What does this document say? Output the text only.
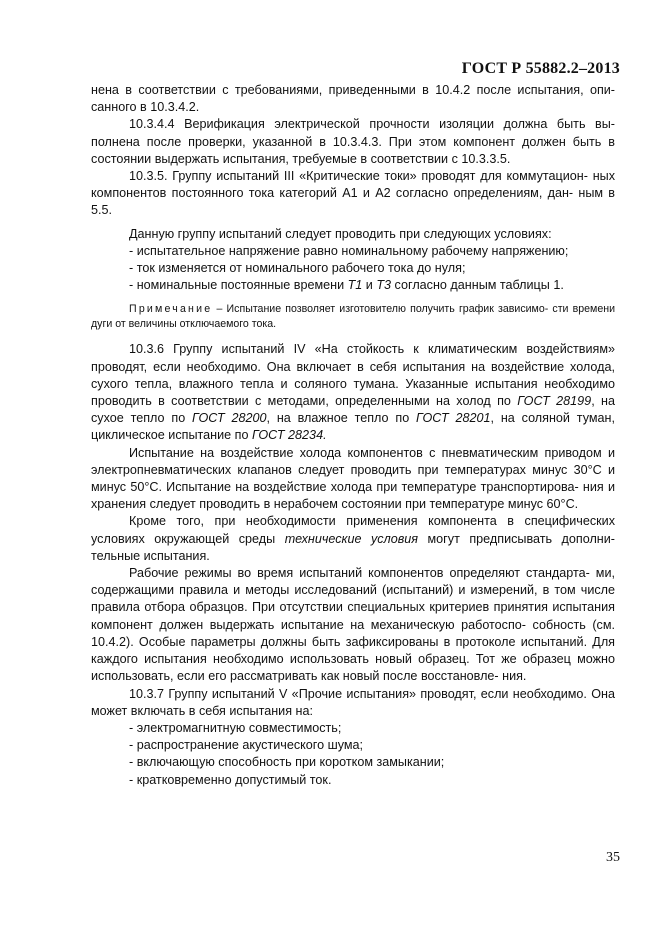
ГОСТ Р 55882.2–2013

нена в соответствии с требованиями, приведенными в 10.4.2 после испытания, опи- санного в 10.3.4.2.

10.3.4.4 Верификация электрической прочности изоляции должна быть вы- полнена после проверки, указанной в 10.3.4.3. При этом компонент должен быть в состоянии выдержать испытания, требуемые в соответствии с 10.3.3.5.

10.3.5. Группу испытаний III «Критические токи» проводят для коммутацион- ных компонентов постоянного тока категорий А1 и А2 согласно определениям, дан- ным в 5.5.

Данную группу испытаний следует проводить при следующих условиях:

- испытательное напряжение равно номинальному рабочему напряжению;

- ток изменяется от номинального рабочего тока до нуля;

- номинальные постоянные времени T1 и T3 согласно данным таблицы 1.

Примечание – Испытание позволяет изготовителю получить график зависимо- сти времени дуги от величины отключаемого тока.

10.3.6 Группу испытаний IV «На стойкость к климатическим воздействиям» проводят, если необходимо. Она включает в себя испытания на воздействие холода, сухого тепла, влажного тепла и соляного тумана. Указанные испытания необходимо проводить в соответствии с методами, определенными на холод по ГОСТ 28199, на сухое тепло по ГОСТ 28200, на влажное тепло по ГОСТ 28201, на соляной туман, циклическое испытание по ГОСТ 28234.

Испытание на воздействие холода компонентов с пневматическим приводом и электропневматических клапанов следует проводить при температурах минус 30°С и минус 50°С. Испытание на воздействие холода при температуре транспортирова- ния и хранения следует проводить в нерабочем состоянии при температуре минус 60°С.

Кроме того, при необходимости применения компонента в специфических условиях окружающей среды технические условия могут предписывать дополни- тельные испытания.

Рабочие режимы во время испытаний компонентов определяют стандарта- ми, содержащими правила и методы исследований (испытаний) и измерений, в том числе правила отбора образцов. При отсутствии специальных критериев принятия испытания компонент должен выдержать испытание на механическую работоспо- собность (см. 10.4.2). Особые параметры должны быть зафиксированы в протоколе испытаний. Для каждого испытания необходимо использовать новый образец. Тот же образец можно использовать, если его рассматривать как новый после восстановле- ния.

10.3.7 Группу испытаний V «Прочие испытания» проводят, если необходимо. Она может включать в себя испытания на:

- электромагнитную совместимость;

- распространение акустического шума;

- включающую способность при коротком замыкании;

- кратковременно допустимый ток.

35
